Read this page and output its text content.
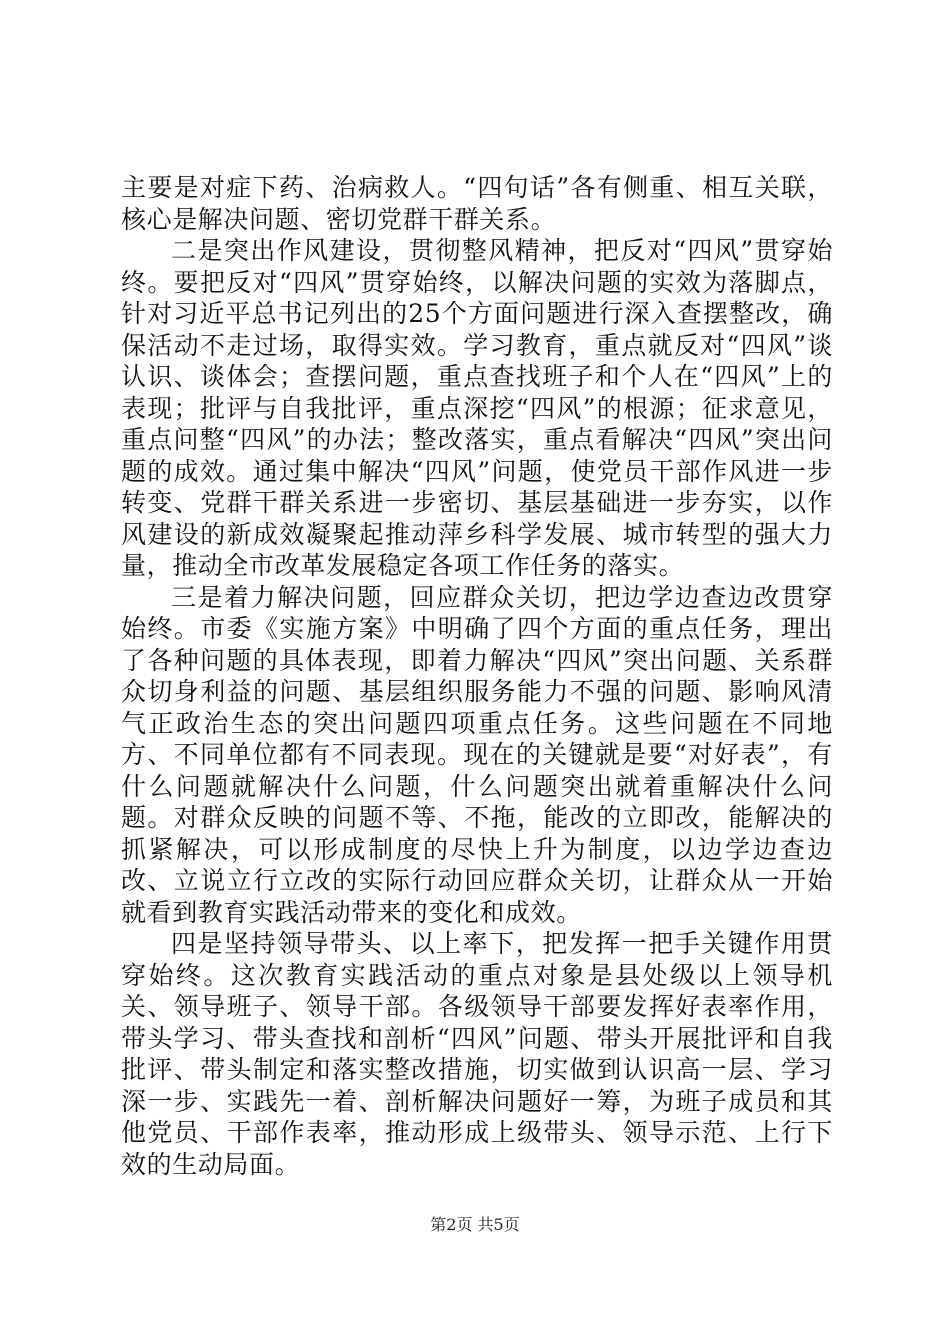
主要是对症下药、治病救人。“四句话”各有侧重、相互关联，核心是解决问题、密切党群干群关系。

二是突出作风建设，贯彻整风精神，把反对“四风”贯穿始终。要把反对“四风”贯穿始终，以解决问题的实效为落脚点，针对习近平总书记列出的25个方面问题进行深入查摆整改，确保活动不走过场，取得实效。学习教育，重点就反对“四风”谈认识、谈体会；查摆问题，重点查找班子和个人在“四风”上的表现；批评与自我批评，重点深挖“四风”的根源；征求意见，重点问整“四风”的办法；整改落实，重点看解决“四风”突出问题的成效。通过集中解决“四风”问题，使党员干部作风进一步转变、党群干群关系进一步密切、基层基础进一步夯实，以作风建设的新成效凝聚起推动萍乡科学发展、城市转型的强大力量，推动全市改革发展稳定各项工作任务的落实。

三是着力解决问题，回应群众关切，把边学边查边改贯穿始终。市委《实施方案》中明确了四个方面的重点任务，理出了各种问题的具体表现，即着力解决“四风”突出问题、关系群众切身利益的问题、基层组织服务能力不强的问题、影响风清气正政治生态的突出问题四项重点任务。这些问题在不同地方、不同单位都有不同表现。现在的关键就是要“对好表”，有什么问题就解决什么问题，什么问题突出就着重解决什么问题。对群众反映的问题不等、不拖，能改的立即改，能解决的抓紧解决，可以形成制度的尽快上升为制度，以边学边查边改、立说立行立改的实际行动回应群众关切，让群众从一开始就看到教育实践活动带来的变化和成效。

四是坚持领导带头、以上率下，把发挥一把手关键作用贯穿始终。这次教育实践活动的重点对象是县处级以上领导机关、领导班子、领导干部。各级领导干部要发挥好表率作用，带头学习、带头查找和剖析“四风”问题、带头开展批评和自我批评、带头制定和落实整改措施，切实做到认识高一层、学习深一步、实践先一着、剖析解决问题好一筹，为班子成员和其他党员、干部作表率，推动形成上级带头、领导示范、上行下效的生动局面。

第2页 共5页
